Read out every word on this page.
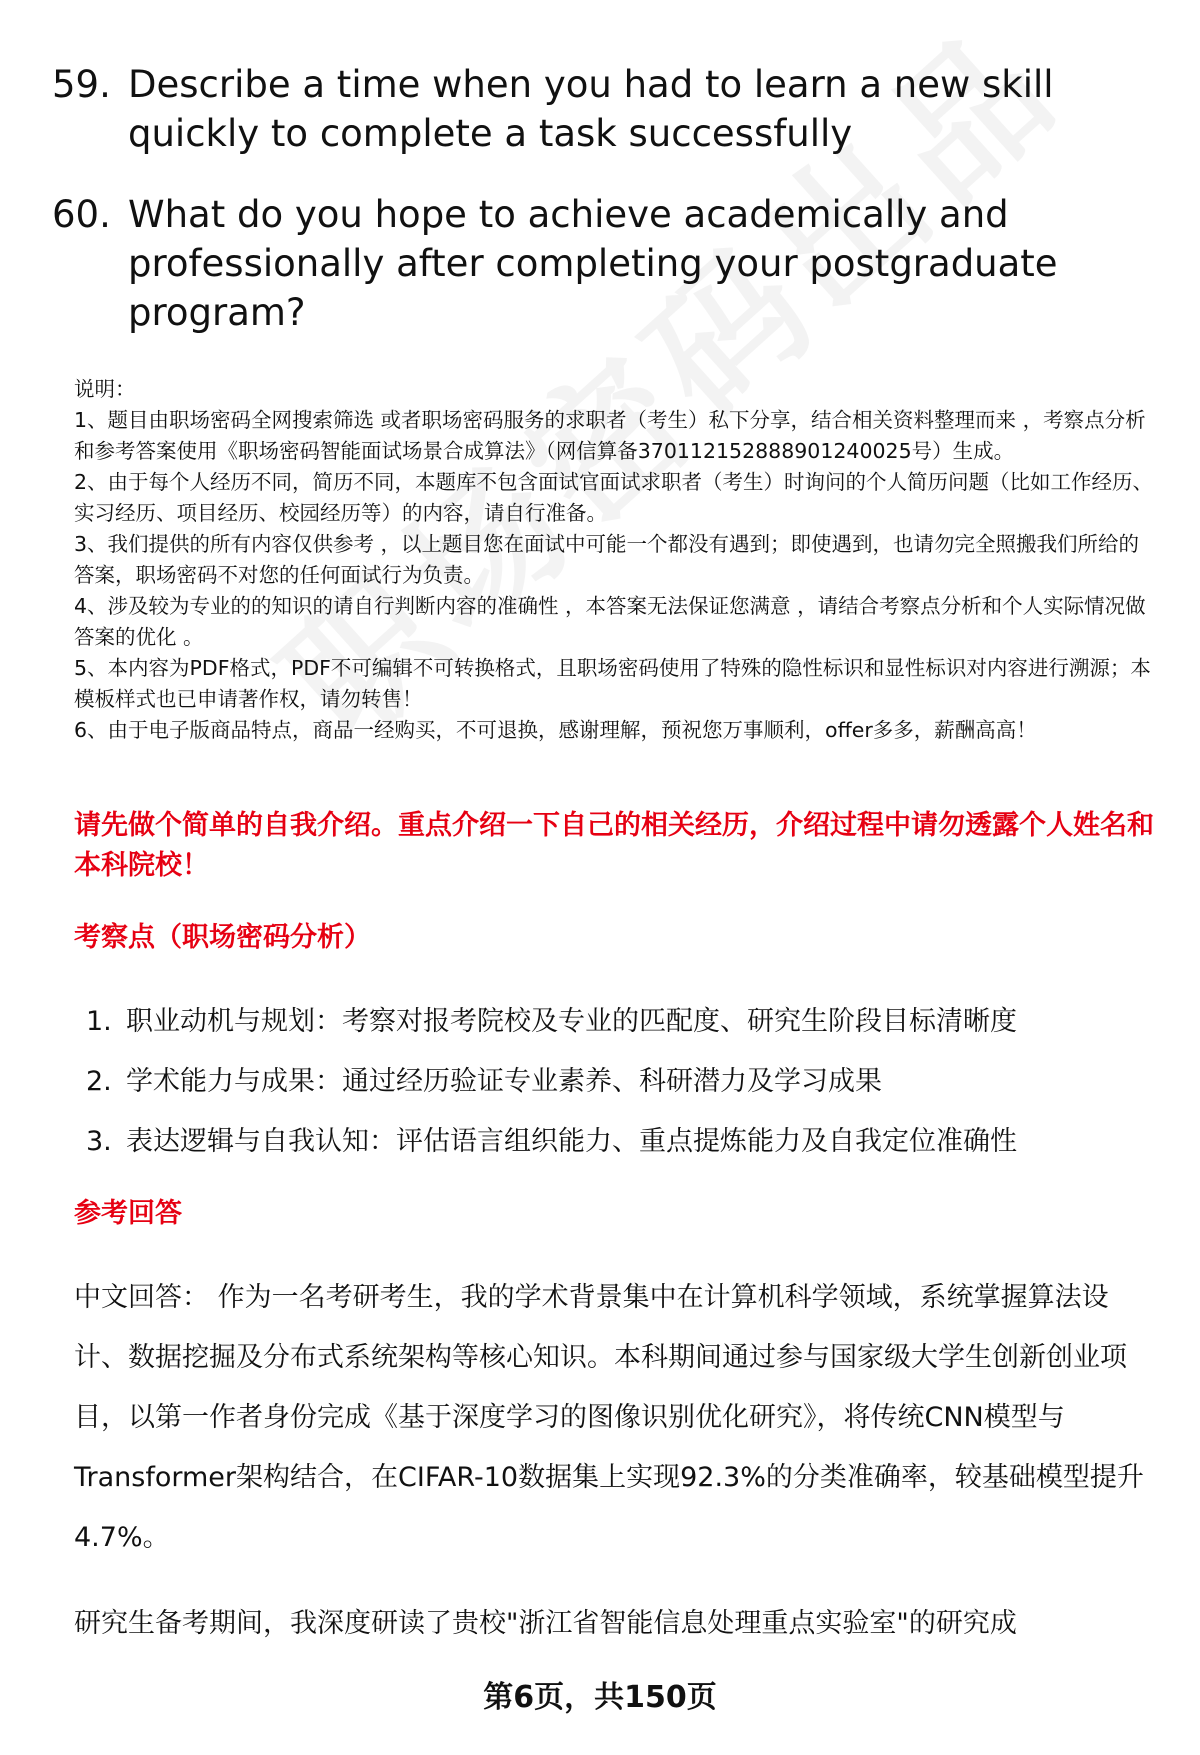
59. Describe a time when you had to learn a new skill quickly to complete a task successfully
60. What do you hope to achieve academically and professionally after completing your postgraduate program?

说明：

1、题目由职场密码全网搜索筛选 或者职场密码服务的求职者（考生）私下分享，结合相关资料整理而来 ，考察点分析和参考答案使用《职场密码智能面试场景合成算法》（网信算备370112152888901240025号）生成。

2、由于每个人经历不同，简历不同，本题库不包含面试官面试求职者（考生）时询问的个人简历问题（比如工作经历、实习经历、项目经历、校园经历等）的内容，请自行准备。

3、我们提供的所有内容仅供参考 ，以上题目您在面试中可能一个都没有遇到；即使遇到，也请勿完全照搬我们所给的答案，职场密码不对您的任何面试行为负责。

4、涉及较为专业的的知识的请自行判断内容的准确性 ，本答案无法保证您满意 ，请结合考察点分析和个人实际情况做答案的优化 。

5、本内容为PDF格式，PDF不可编辑不可转换格式，且职场密码使用了特殊的隐性标识和显性标识对内容进行溯源；本模板样式也已申请著作权，请勿转售！

6、由于电子版商品特点，商品一经购买，不可退换，感谢理解，预祝您万事顺利，offer多多，薪酬高高！

请先做个简单的自我介绍。重点介绍一下自己的相关经历，介绍过程中请勿透露个人姓名和本科院校！
考察点（职场密码分析）
1. 职业动机与规划：考察对报考院校及专业的匹配度、研究生阶段目标清晰度
2. 学术能力与成果：通过经历验证专业素养、科研潜力及学习成果
3. 表达逻辑与自我认知：评估语言组织能力、重点提炼能力及自我定位准确性
参考回答

中文回答： 作为一名考研考生，我的学术背景集中在计算机科学领域，系统掌握算法设计、数据挖掘及分布式系统架构等核心知识。本科期间通过参与国家级大学生创新创业项目，以第一作者身份完成《基于深度学习的图像识别优化研究》，将传统CNN模型与Transformer架构结合，在CIFAR-10数据集上实现92.3%的分类准确率，较基础模型提升4.7%。

研究生备考期间，我深度研读了贵校"浙江省智能信息处理重点实验室"的研究成

第6页，共150页
